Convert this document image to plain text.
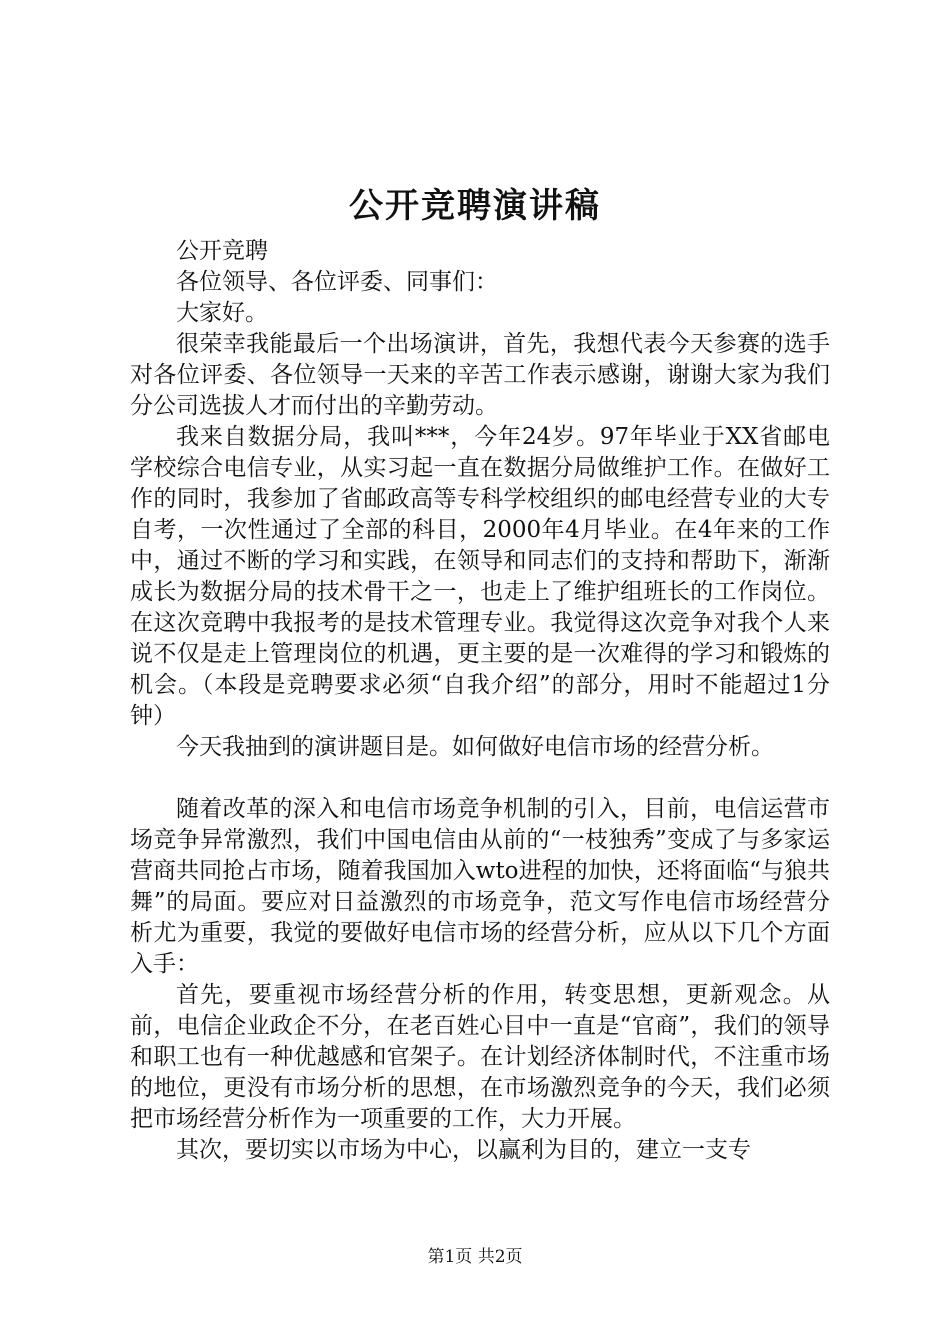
公开竞聘演讲稿

公开竞聘

各位领导、各位评委、同事们：

大家好。

很荣幸我能最后一个出场演讲，首先，我想代表今天参赛的选手对各位评委、各位领导一天来的辛苦工作表示感谢，谢谢大家为我们分公司选拔人才而付出的辛勤劳动。

我来自数据分局，我叫***，今年24岁。97年毕业于XX省邮电学校综合电信专业，从实习起一直在数据分局做维护工作。在做好工作的同时，我参加了省邮政高等专科学校组织的邮电经营专业的大专自考，一次性通过了全部的科目，2000年4月毕业。在4年来的工作中，通过不断的学习和实践，在领导和同志们的支持和帮助下，渐渐成长为数据分局的技术骨干之一，也走上了维护组班长的工作岗位。在这次竞聘中我报考的是技术管理专业。我觉得这次竞争对我个人来说不仅是走上管理岗位的机遇，更主要的是一次难得的学习和锻炼的机会。（本段是竞聘要求必须“自我介绍”的部分，用时不能超过1分钟）

今天我抽到的演讲题目是。如何做好电信市场的经营分析。

随着改革的深入和电信市场竞争机制的引入，目前，电信运营市场竞争异常激烈，我们中国电信由从前的“一枝独秀”变成了与多家运营商共同抢占市场，随着我国加入wto进程的加快，还将面临“与狼共舞”的局面。要应对日益激烈的市场竞争，范文写作电信市场经营分析尤为重要，我觉的要做好电信市场的经营分析，应从以下几个方面入手：

首先，要重视市场经营分析的作用，转变思想，更新观念。从前，电信企业政企不分，在老百姓心目中一直是“官商”，我们的领导和职工也有一种优越感和官架子。在计划经济体制时代，不注重市场的地位，更没有市场分析的思想，在市场激烈竞争的今天，我们必须把市场经营分析作为一项重要的工作，大力开展。

其次，要切实以市场为中心，以赢利为目的，建立一支专

第1页 共2页
